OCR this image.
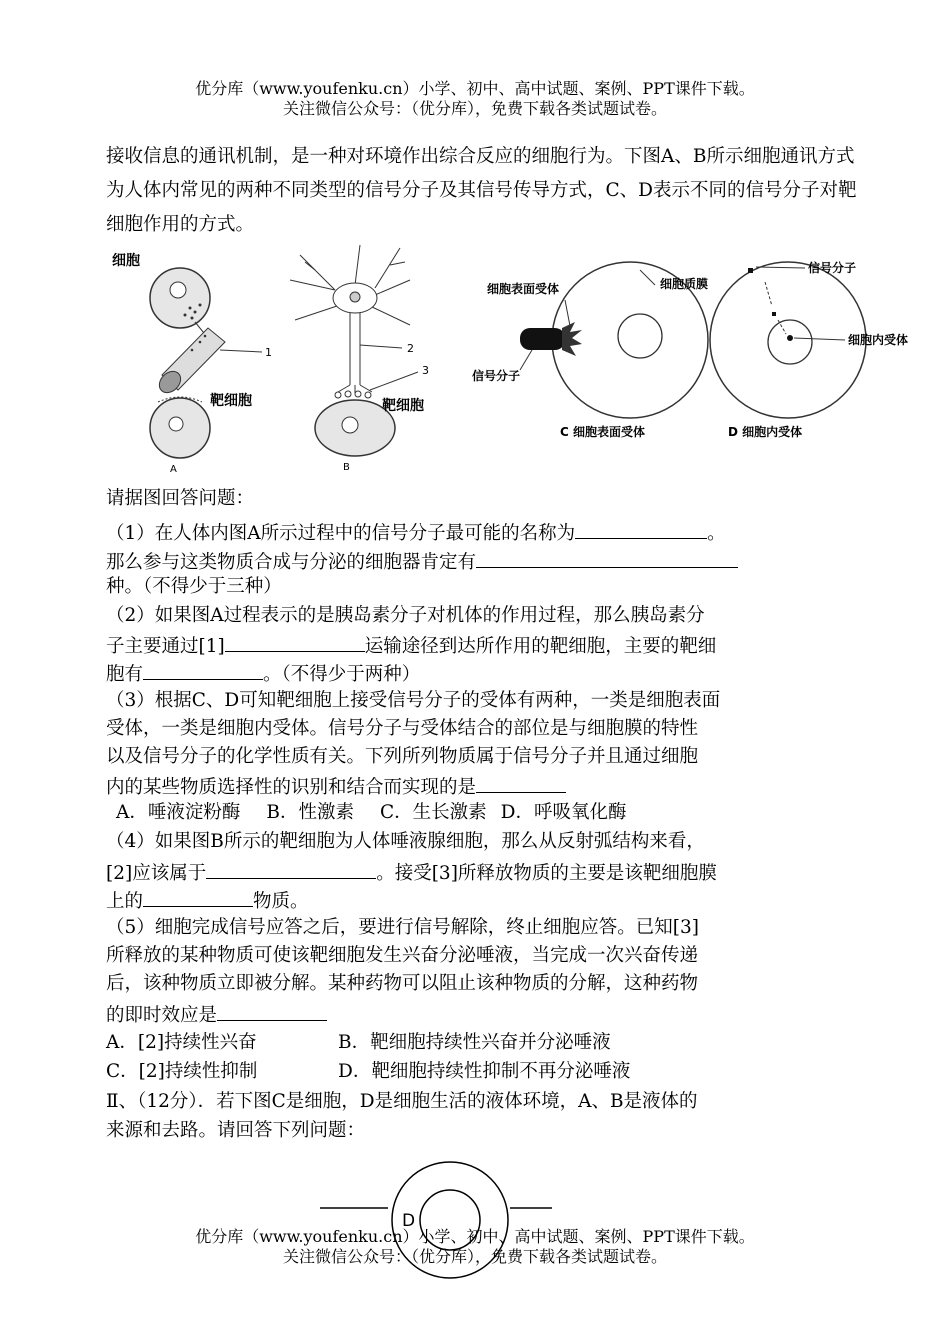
优分库（www.youfenku.cn）小学、初中、高中试题、案例、PPT课件下载。
关注微信公众号：（优分库），免费下载各类试题试卷。
接收信息的通讯机制，是一种对环境作出综合反应的细胞行为。下图A、B所示细胞通讯方式为人体内常见的两种不同类型的信号分子及其信号传导方式，C、D表示不同的信号分子对靶细胞作用的方式。
细胞
1
靶细胞
A
2
3
靶细胞
B
细胞表面受体	细胞质膜
信号分子
C 细胞表面受体
信号分子
细胞内受体
D 细胞内受体
请据图回答问题：
（1）在人体内图A所示过程中的信号分子最可能的名称为	。
那么参与这类物质合成与分泌的细胞器肯定有
种。（不得少于三种）
（2）如果图A过程表示的是胰岛素分子对机体的作用过程，那么胰岛素分
子主要通过[1]	运输途径到达所作用的靶细胞，主要的靶细
胞有	。（不得少于两种）
（3）根据C、D可知靶细胞上接受信号分子的受体有两种，一类是细胞表面
受体，一类是细胞内受体。信号分子与受体结合的部位是与细胞膜的特性
以及信号分子的化学性质有关。下列所列物质属于信号分子并且通过细胞
内的某些物质选择性的识别和结合而实现的是
A．唾液淀粉酶 B．性激素 C．生长激素 D．呼吸氧化酶
（4）如果图B所示的靶细胞为人体唾液腺细胞，那么从反射弧结构来看，
[2]应该属于	。接受[3]所释放物质的主要是该靶细胞膜
上的	物质。
（5）细胞完成信号应答之后，要进行信号解除，终止细胞应答。已知[3]
所释放的某种物质可使该靶细胞发生兴奋分泌唾液，当完成一次兴奋传递
后，该种物质立即被分解。某种药物可以阻止该种物质的分解，这种药物
的即时效应是
A．[2]持续性兴奋	B．靶细胞持续性兴奋并分泌唾液
C．[2]持续性抑制	D．靶细胞持续性抑制不再分泌唾液
Ⅱ、（12分）．若下图C是细胞，D是细胞生活的液体环境，A、B是液体的
来源和去路。请回答下列问题：
D
优分库（www.youfenku.cn）小学、初中、高中试题、案例、PPT课件下载。
关注微信公众号：（优分库），免费下载各类试题试卷。
